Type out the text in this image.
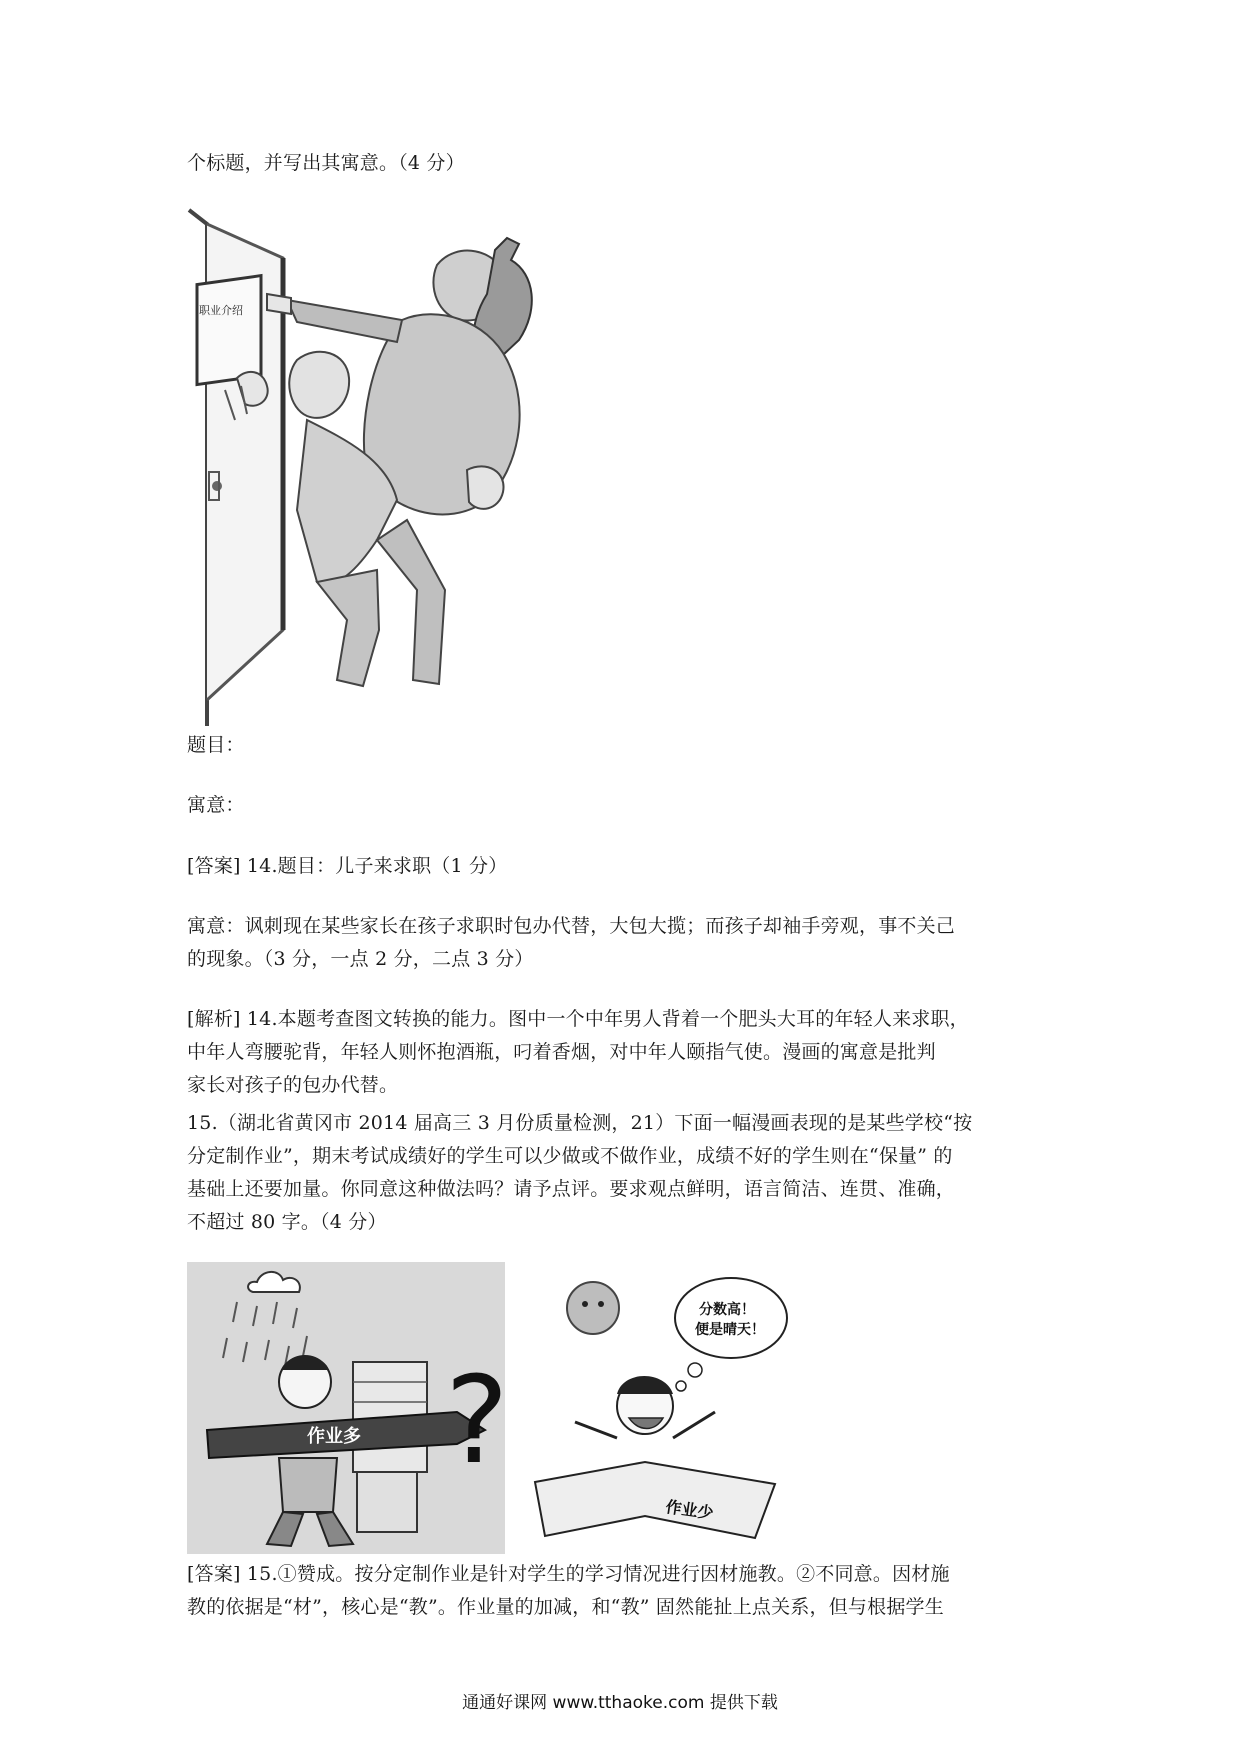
个标题，并写出其寓意。（4 分）

职业介绍

题目：

寓意：

[答案] 14.题目：儿子来求职（1 分）

寓意：讽刺现在某些家长在孩子求职时包办代替，大包大揽；而孩子却袖手旁观，事不关己
的现象。（3 分，一点 2 分，二点 3 分）

[解析] 14.本题考查图文转换的能力。图中一个中年男人背着一个肥头大耳的年轻人来求职，
中年人弯腰驼背，年轻人则怀抱酒瓶，叼着香烟，对中年人颐指气使。漫画的寓意是批判
家长对孩子的包办代替。

15.（湖北省黄冈市 2014 届高三 3 月份质量检测，21）下面一幅漫画表现的是某些学校“按
分定制作业”，期末考试成绩好的学生可以少做或不做作业，成绩不好的学生则在“保量” 的
基础上还要加量。你同意这种做法吗？请予点评。要求观点鲜明，语言简洁、连贯、准确，
不超过 80 字。（4 分）

作业多 ?
分数高！
便是晴天！
作业少

[答案] 15.①赞成。按分定制作业是针对学生的学习情况进行因材施教。②不同意。因材施
教的依据是“材”，核心是“教”。作业量的加减，和“教” 固然能扯上点关系，但与根据学生

通通好课网 www.tthaoke.com 提供下载
